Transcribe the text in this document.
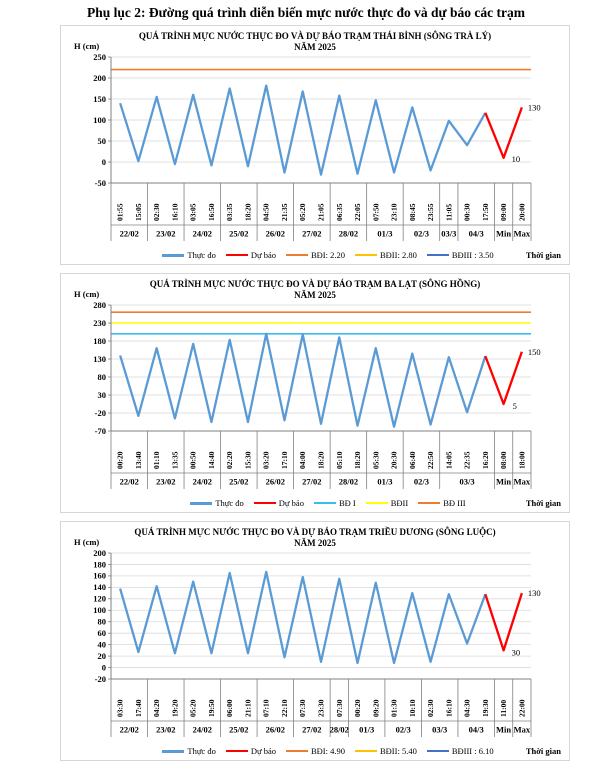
Phụ lục 2: Đường quá trình diễn biến mực nước thực đo và dự báo các trạm
QUÁ TRÌNH MỰC NƯỚC THỰC ĐO VÀ DỰ BÁO TRẠM THÁI BÌNH (SÔNG TRÀ LÝ)
NĂM 2025
H (cm)
250
200
150
100
50
0
-50
01:55 15:05 02:30 16:10 03:05 16:50 03:35 18:20 04:50 21:35 05:20 21:05 06:35 22:05 07:50 23:10 08:45 23:55 11:05 00:30 17:50 09:00 20:00
22/02 23/02 24/02 25/02 26/02 27/02 28/02 01/3	02/3 03/3 04/3 Min Max
130
10
Thực đo	Dự báo	BĐI: 2.20	BĐII: 2.80	BĐIII : 3.50	Thời gian
QUÁ TRÌNH MỰC NƯỚC THỰC ĐO VÀ DỰ BÁO TRẠM BA LẠT (SÔNG HỒNG)
NĂM 2025
H (cm)
280
230
180
130
80
30
-20
-70
00:20 13:40 01:10 13:35 00:50 14:40 02:20 15:30 03:20 17:10 04:00 18:20 05:10 18:20 05:30 20:30 06:40 22:50 14:05 22:35 16:20 08:00 18:00
22/02 23/02 24/02 25/02 26/02 27/02 28/02 01/3	02/3	03/3	Min Max
150
5
Thực đo	Dự báo	BĐ I	BĐII	BĐ III	Thời gian
QUÁ TRÌNH MỰC NƯỚC THỰC ĐO VÀ DỰ BÁO TRẠM TRIỀU DƯƠNG (SÔNG LUỘC)
NĂM 2025
H (cm)
200
180
160
140
120
100
80
60
40
20
0
-20
03:30 17:40 04:20 19:20 05:20 19:50 06:00 21:10 07:10 22:10 07:30 23:30 07:30 00:20 09:20 01:30 10:10 02:30 16:10 04:30 19:30 11:00 22:00
22/02 23/02 24/02 25/02 26/02 27/02 28/02 01/3	02/3	03/3	04/3 Min Max
130
30
Thực đo	Dự báo	BĐI: 4.90	BĐII: 5.40	BĐIII : 6.10	Thời gian
